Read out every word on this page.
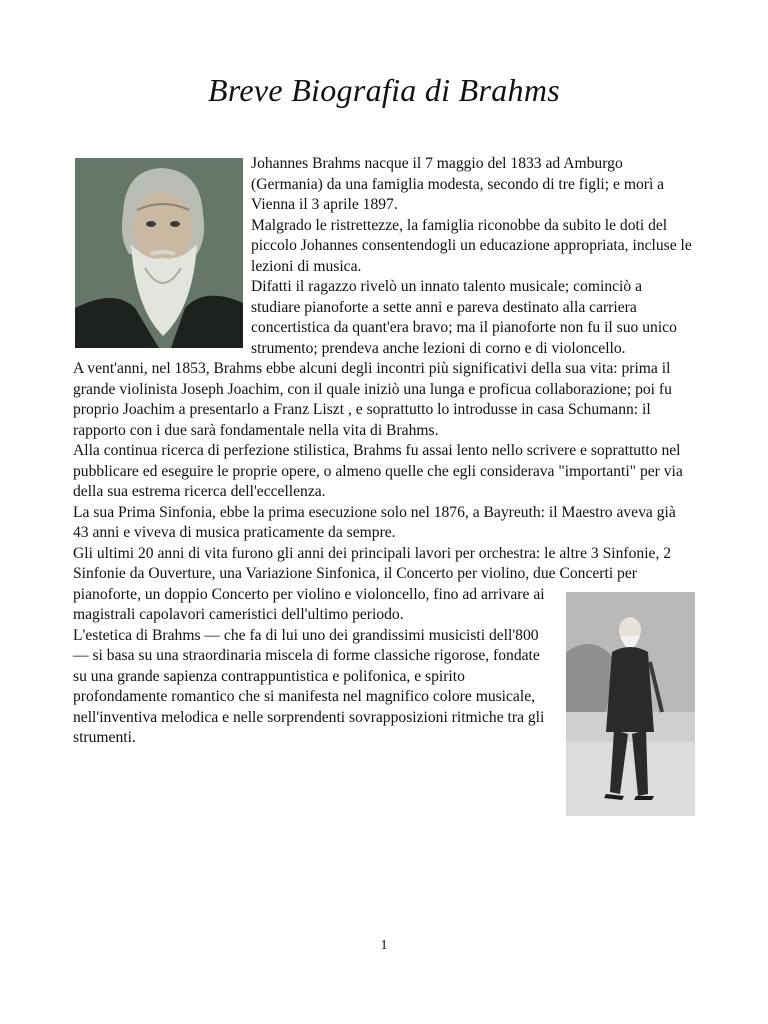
Breve Biografia di Brahms

Johannes Brahms nacque il 7 maggio del 1833 ad Amburgo (Germania) da una famiglia modesta, secondo di tre figli; e morì a Vienna il 3 aprile 1897.

Malgrado le ristrettezze, la famiglia riconobbe da subito le doti del piccolo Johannes consentendogli un educazione appropriata, incluse le lezioni di musica.

Difatti il ragazzo rivelò un innato talento musicale; cominciò a studiare pianoforte a sette anni e pareva destinato alla carriera concertistica da quant'era bravo; ma il pianoforte non fu il suo unico strumento; prendeva anche lezioni di corno e di violoncello.

A vent'anni, nel 1853, Brahms ebbe alcuni degli incontri più significativi della sua vita: prima il grande violinista Joseph Joachim, con il quale iniziò una lunga e proficua collaborazione; poi fu proprio Joachim a presentarlo a Franz Liszt , e soprattutto lo introdusse in casa Schumann: il rapporto con i due sarà fondamentale nella vita di Brahms.

Alla continua ricerca di perfezione stilistica, Brahms fu assai lento nello scrivere e soprattutto nel pubblicare ed eseguire le proprie opere, o almeno quelle che egli considerava "importanti" per via della sua estrema ricerca dell'eccellenza.

La sua Prima Sinfonia, ebbe la prima esecuzione solo nel 1876, a Bayreuth: il Maestro aveva già 43 anni e viveva di musica praticamente da sempre.

Gli ultimi 20 anni di vita furono gli anni dei principali lavori per orchestra: le altre 3 Sinfonie, 2 Sinfonie da Ouverture, una Variazione Sinfonica, il Concerto per violino, due Concerti per pianoforte, un doppio Concerto per violino e violoncello, fino ad arrivare ai magistrali capolavori cameristici dell'ultimo periodo.

L'estetica di Brahms — che fa di lui uno dei grandissimi musicisti dell'800 — si basa su una straordinaria miscela di forme classiche rigorose, fondate su una grande sapienza contrappuntistica e polifonica, e spirito profondamente romantico che si manifesta nel magnifico colore musicale, nell'inventiva melodica e nelle sorprendenti sovrapposizioni ritmiche tra gli strumenti.

1
